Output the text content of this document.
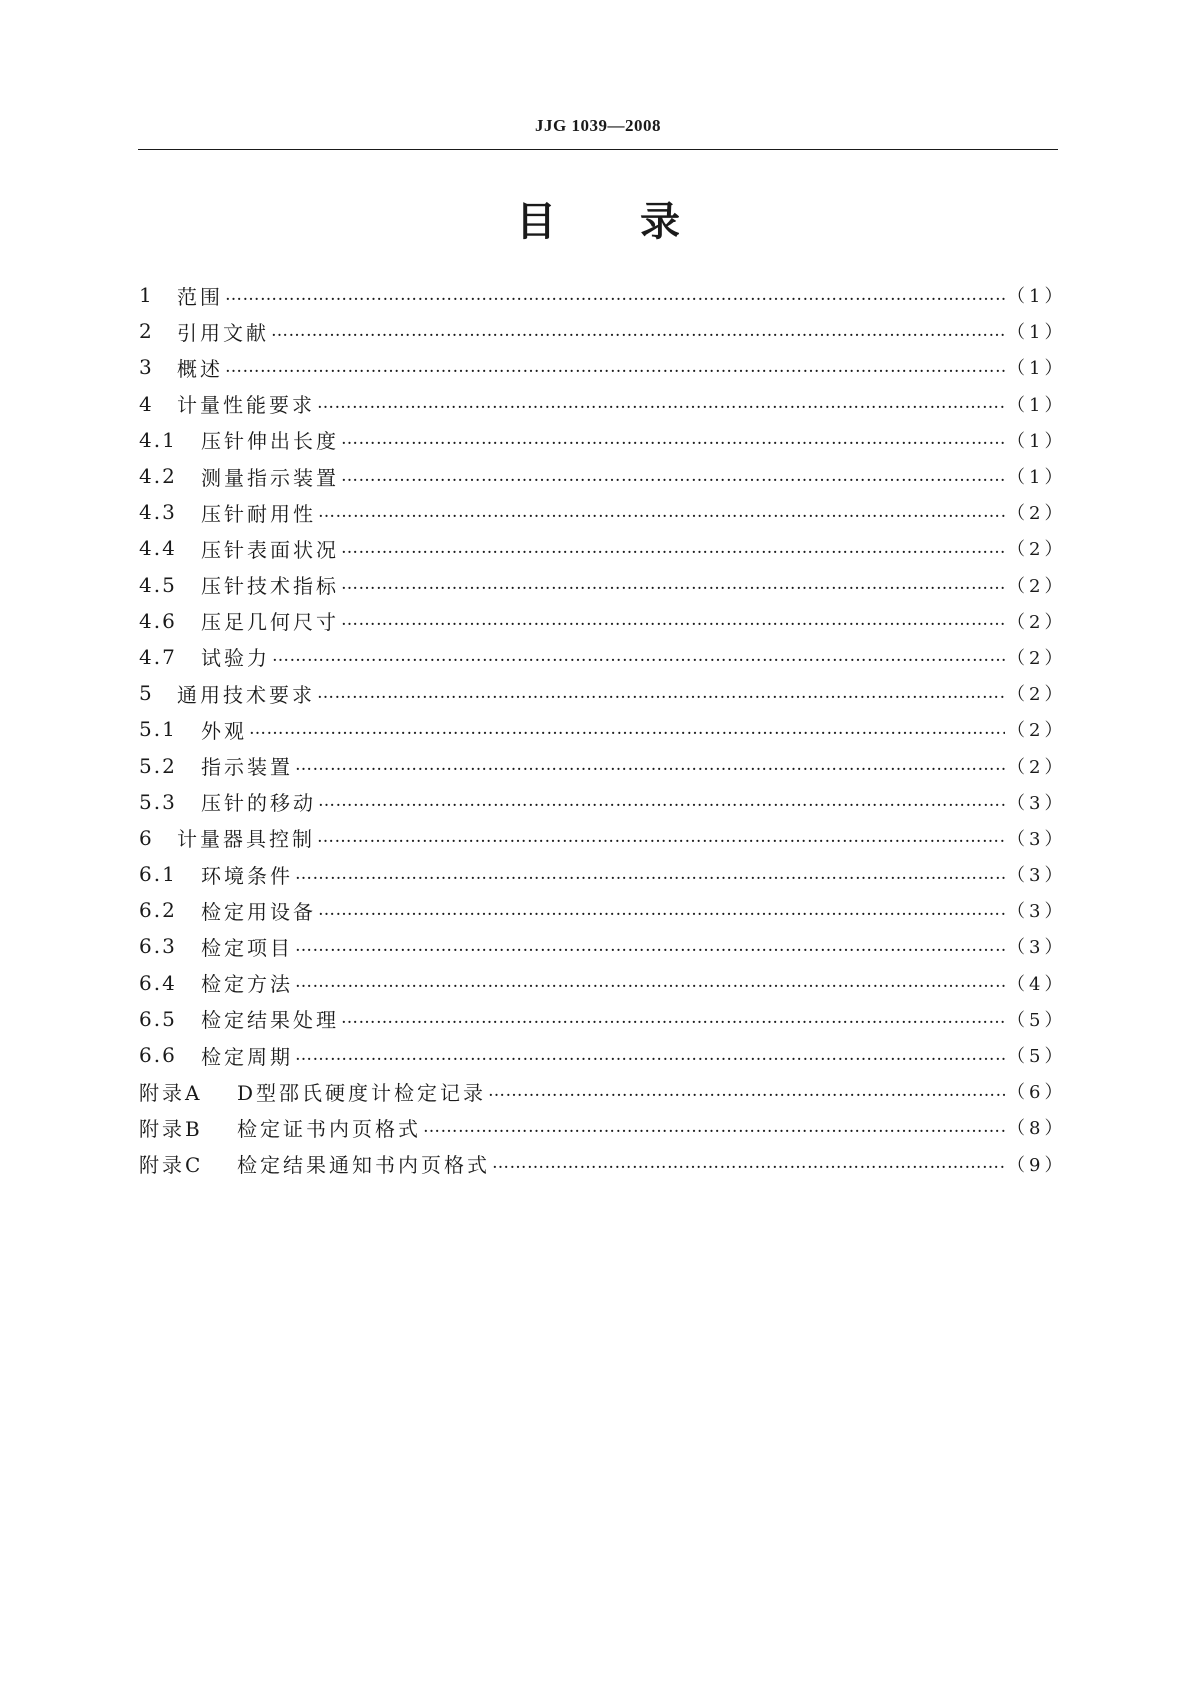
JJG 1039—2008
目 录
1	范围 …………………………………………………………………………………………………………………………………………………………………………………………………………	（1）
2	引用文献 …………………………………………………………………………………………………………………………………………………………………………………………………………	（1）
3	概述 …………………………………………………………………………………………………………………………………………………………………………………………………………	（1）
4	计量性能要求 …………………………………………………………………………………………………………………………………………………………………………………………………………	（1）
4.1	压针伸出长度 …………………………………………………………………………………………………………………………………………………………………………………………………………	（1）
4.2	测量指示装置 …………………………………………………………………………………………………………………………………………………………………………………………………………	（1）
4.3	压针耐用性 …………………………………………………………………………………………………………………………………………………………………………………………………………	（2）
4.4	压针表面状况 …………………………………………………………………………………………………………………………………………………………………………………………………………	（2）
4.5	压针技术指标 …………………………………………………………………………………………………………………………………………………………………………………………………………	（2）
4.6	压足几何尺寸 …………………………………………………………………………………………………………………………………………………………………………………………………………	（2）
4.7	试验力 …………………………………………………………………………………………………………………………………………………………………………………………………………	（2）
5	通用技术要求 …………………………………………………………………………………………………………………………………………………………………………………………………………	（2）
5.1	外观 …………………………………………………………………………………………………………………………………………………………………………………………………………	（2）
5.2	指示装置 …………………………………………………………………………………………………………………………………………………………………………………………………………	（2）
5.3	压针的移动 …………………………………………………………………………………………………………………………………………………………………………………………………………	（3）
6	计量器具控制 …………………………………………………………………………………………………………………………………………………………………………………………………………	（3）
6.1	环境条件 …………………………………………………………………………………………………………………………………………………………………………………………………………	（3）
6.2	检定用设备 …………………………………………………………………………………………………………………………………………………………………………………………………………	（3）
6.3	检定项目 …………………………………………………………………………………………………………………………………………………………………………………………………………	（3）
6.4	检定方法 …………………………………………………………………………………………………………………………………………………………………………………………………………	（4）
6.5	检定结果处理 …………………………………………………………………………………………………………………………………………………………………………………………………………	（5）
6.6	检定周期 …………………………………………………………………………………………………………………………………………………………………………………………………………	（5）
附录A	D型邵氏硬度计检定记录 …………………………………………………………………………………………………………………………………………………………………………………………………………	（6）
附录B	检定证书内页格式 …………………………………………………………………………………………………………………………………………………………………………………………………………	（8）
附录C	检定结果通知书内页格式 …………………………………………………………………………………………………………………………………………………………………………………………………………	（9）
